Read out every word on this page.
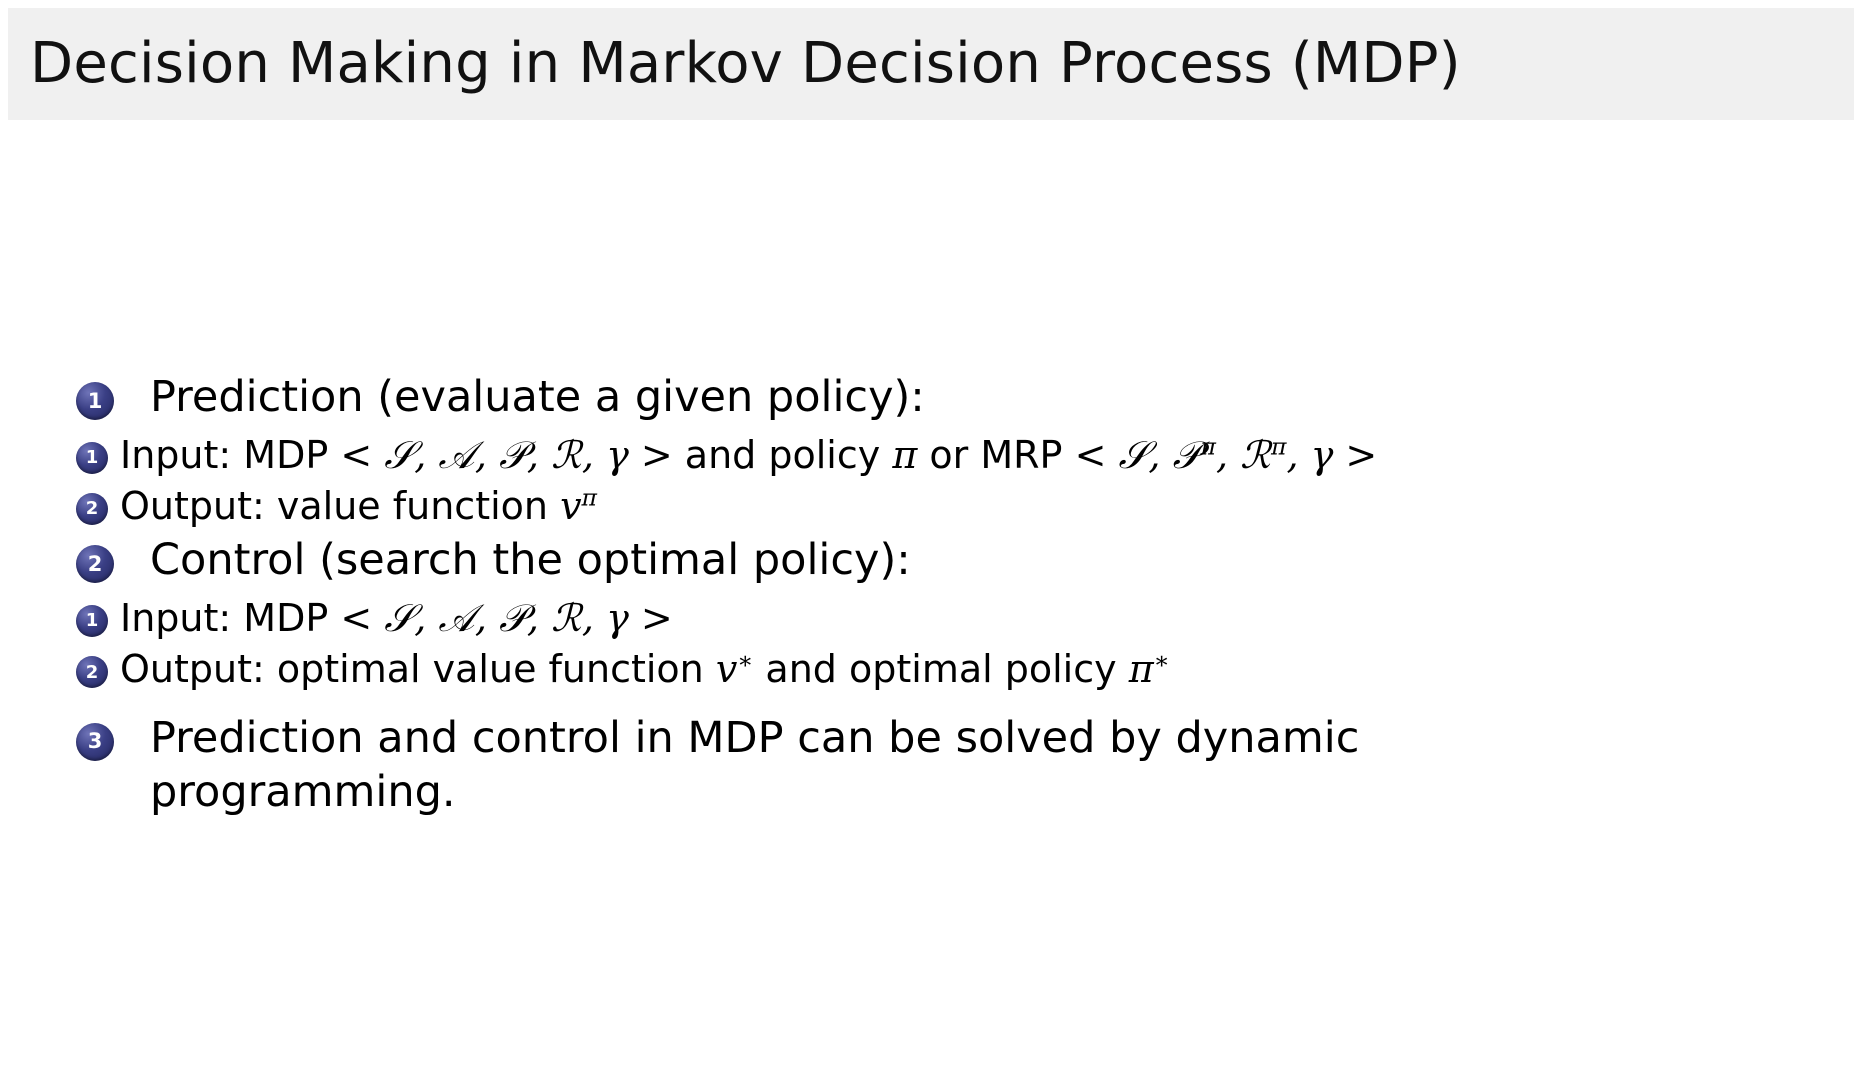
Decision Making in Markov Decision Process (MDP)
1 Prediction (evaluate a given policy):
1 Input: MDP < 𝒮, 𝒜, 𝒫, ℛ, γ > and policy π or MRP < 𝒮, 𝒫$^\pi$, ℛ$^\pi$, γ >
2 Output: value function $v^\pi$
2 Control (search the optimal policy):
1 Input: MDP < 𝒮, 𝒜, 𝒫, ℛ, γ >
2 Output: optimal value function v∗ and optimal policy π∗
3 Prediction and control in MDP can be solved by dynamic programming.
